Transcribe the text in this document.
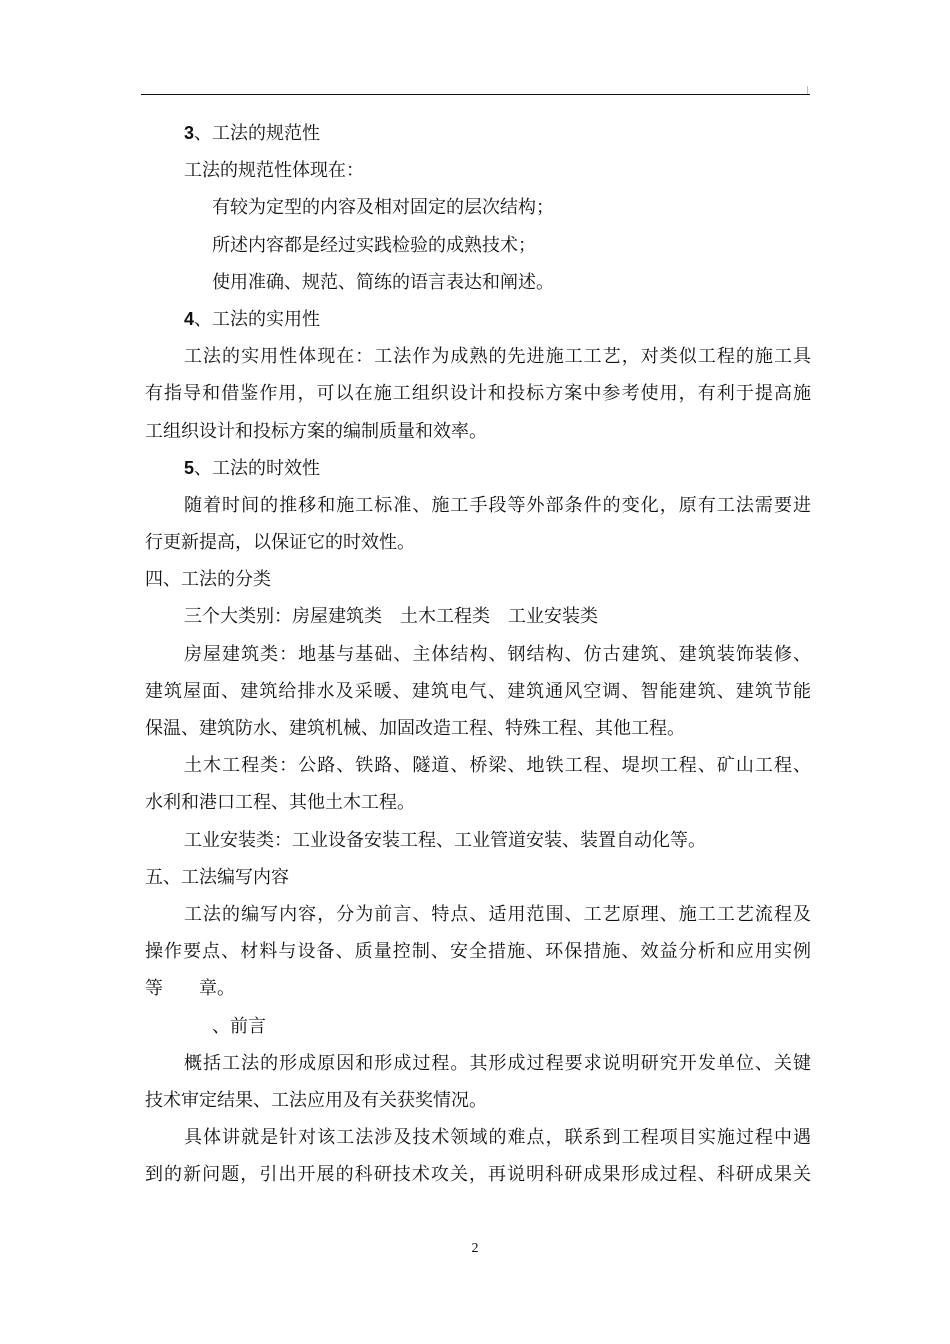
3、工法的规范性
工法的规范性体现在：
有较为定型的内容及相对固定的层次结构；
所述内容都是经过实践检验的成熟技术；
使用准确、规范、简练的语言表达和阐述。
4、工法的实用性
工法的实用性体现在：工法作为成熟的先进施工工艺，对类似工程的施工具
有指导和借鉴作用，可以在施工组织设计和投标方案中参考使用，有利于提高施
工组织设计和投标方案的编制质量和效率。
5、工法的时效性
随着时间的推移和施工标准、施工手段等外部条件的变化，原有工法需要进
行更新提高，以保证它的时效性。
四、工法的分类
三个大类别：房屋建筑类　土木工程类　工业安装类
房屋建筑类：地基与基础、主体结构、钢结构、仿古建筑、建筑装饰装修、
建筑屋面、建筑给排水及采暖、建筑电气、建筑通风空调、智能建筑、建筑节能
保温、建筑防水、建筑机械、加固改造工程、特殊工程、其他工程。
土木工程类：公路、铁路、隧道、桥梁、地铁工程、堤坝工程、矿山工程、
水利和港口工程、其他土木工程。
工业安装类：工业设备安装工程、工业管道安装、装置自动化等。
五、工法编写内容
工法的编写内容，分为前言、特点、适用范围、工艺原理、施工工艺流程及
操作要点、材料与设备、质量控制、安全措施、环保措施、效益分析和应用实例
等　　章。
、前言
概括工法的形成原因和形成过程。其形成过程要求说明研究开发单位、关键
技术审定结果、工法应用及有关获奖情况。
具体讲就是针对该工法涉及技术领域的难点，联系到工程项目实施过程中遇
到的新问题，引出开展的科研技术攻关，再说明科研成果形成过程、科研成果关
2
